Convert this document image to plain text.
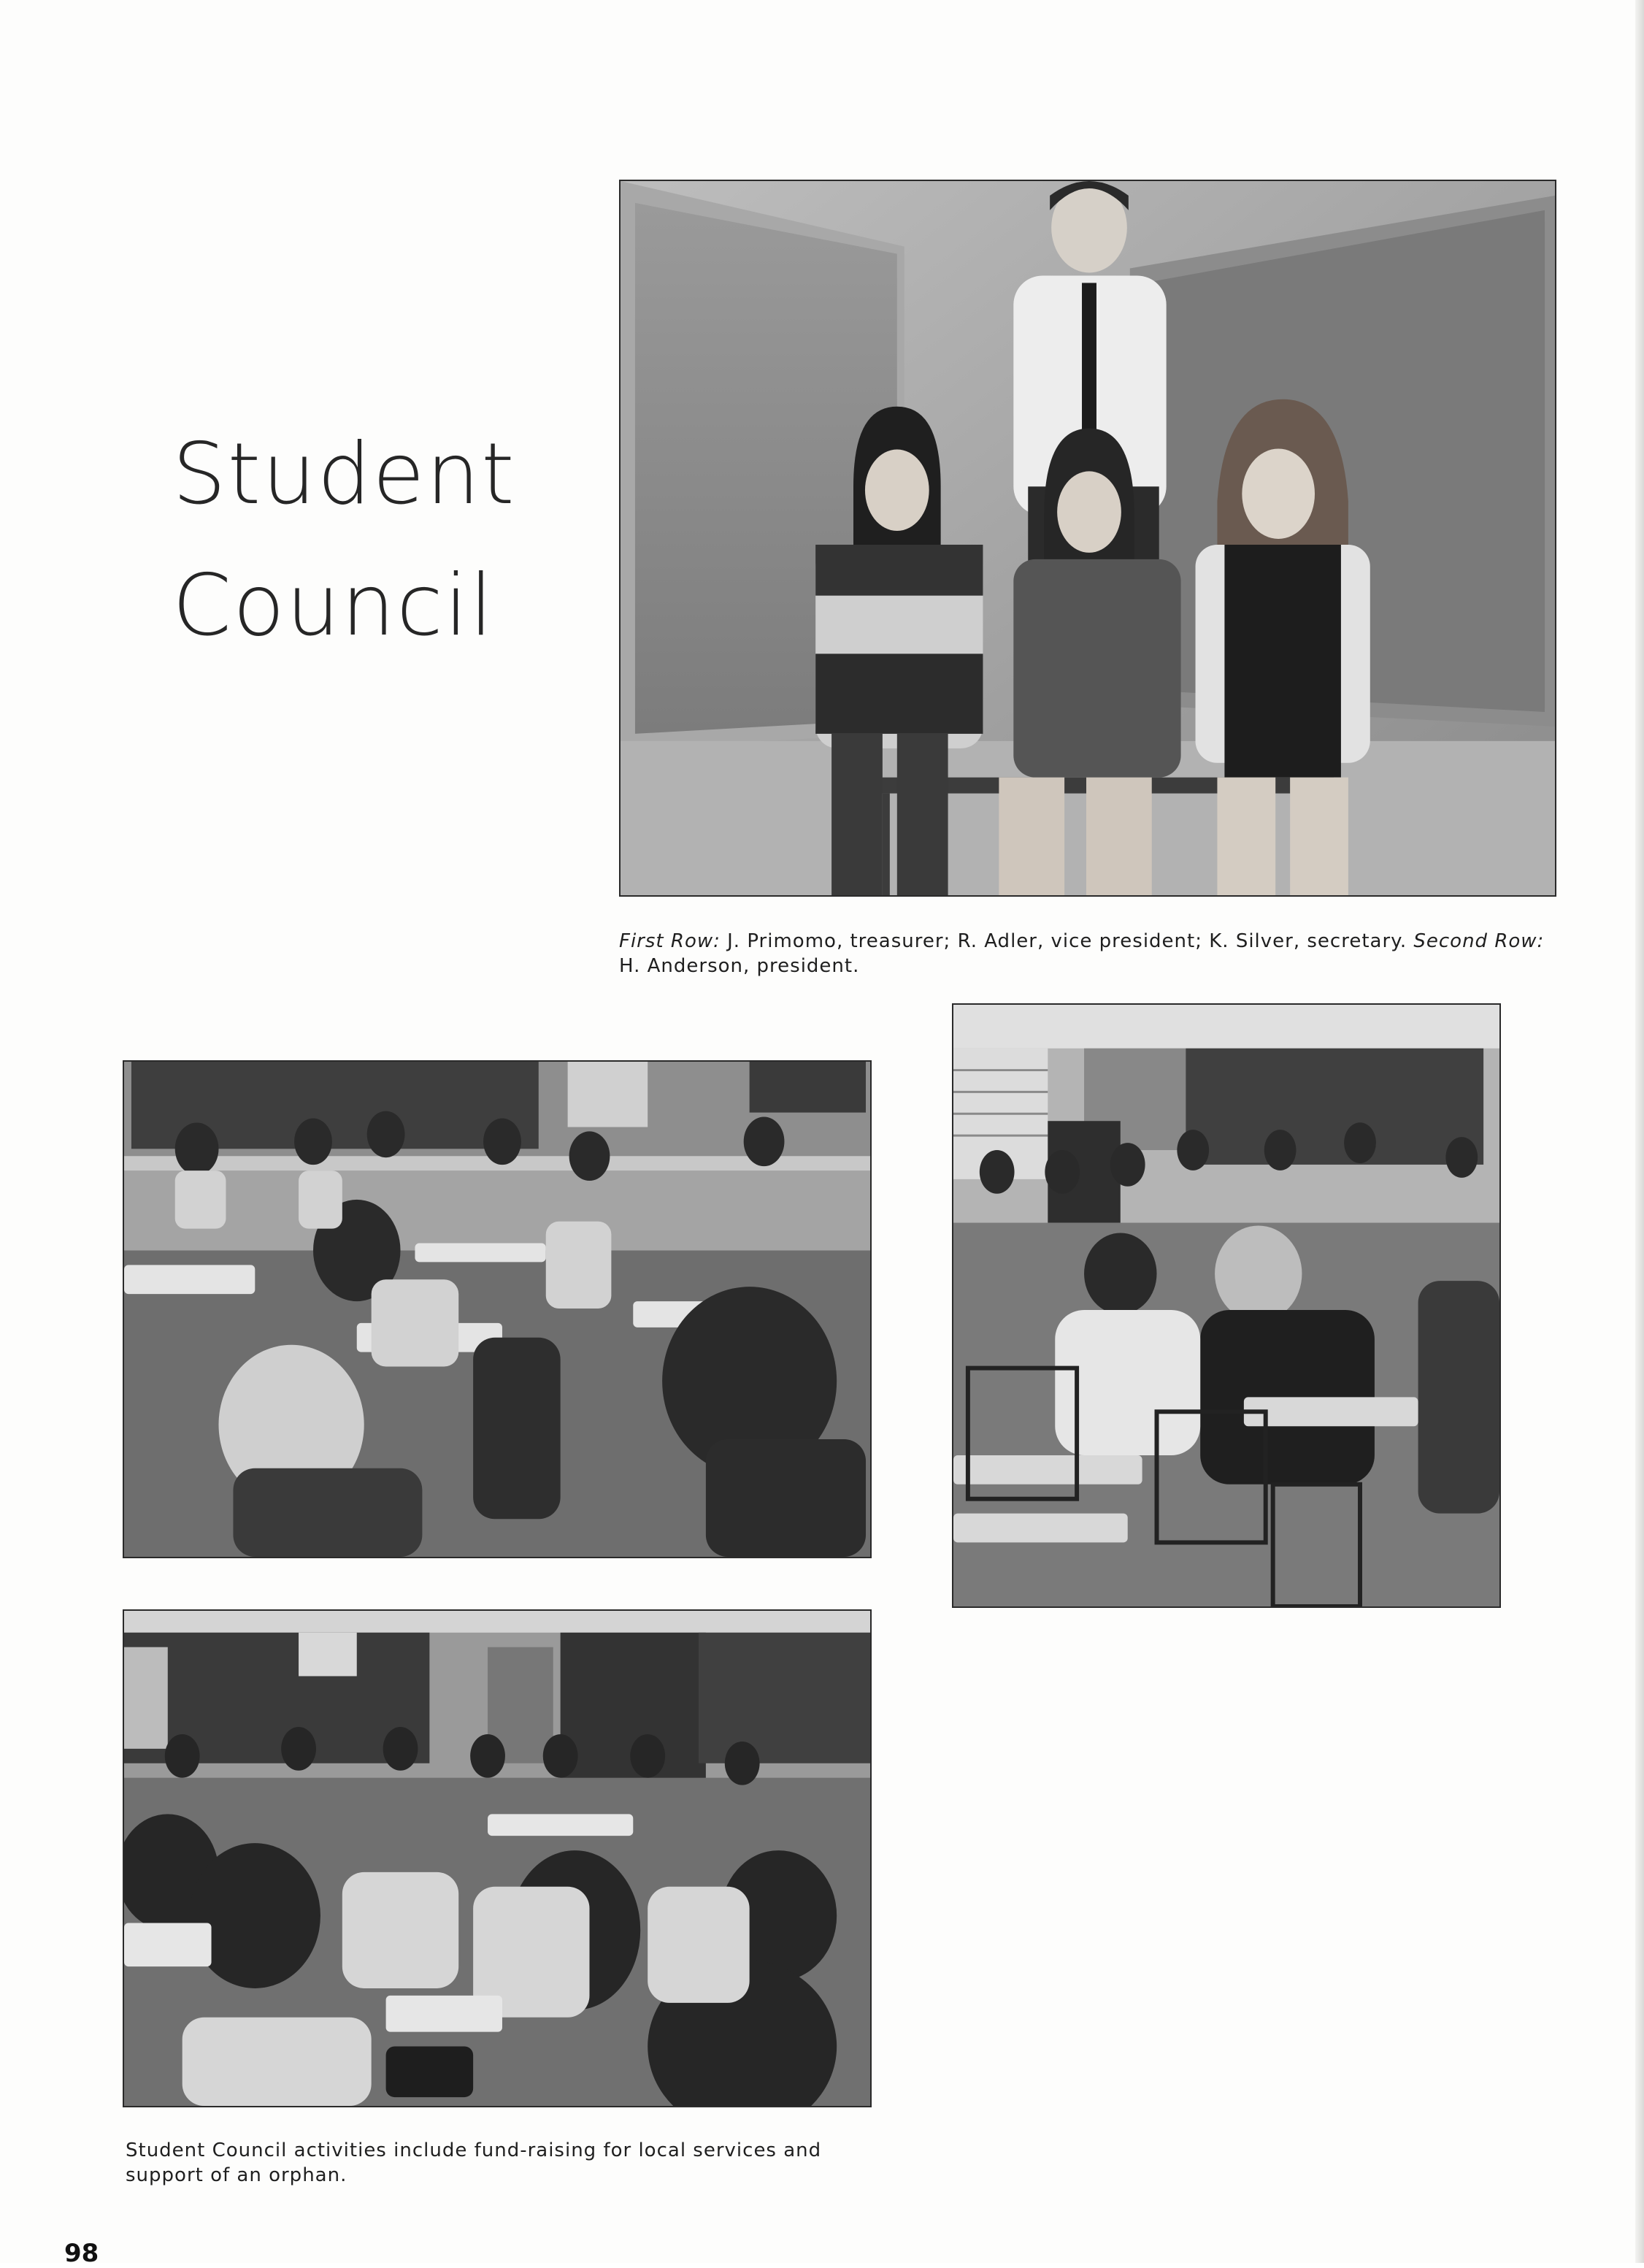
Student
Council

First Row: J. Primomo, treasurer; R. Adler, vice president; K. Silver, secretary. Second Row: H. Anderson, president.

Student Council activities include fund-raising for local services and support of an orphan.

98
